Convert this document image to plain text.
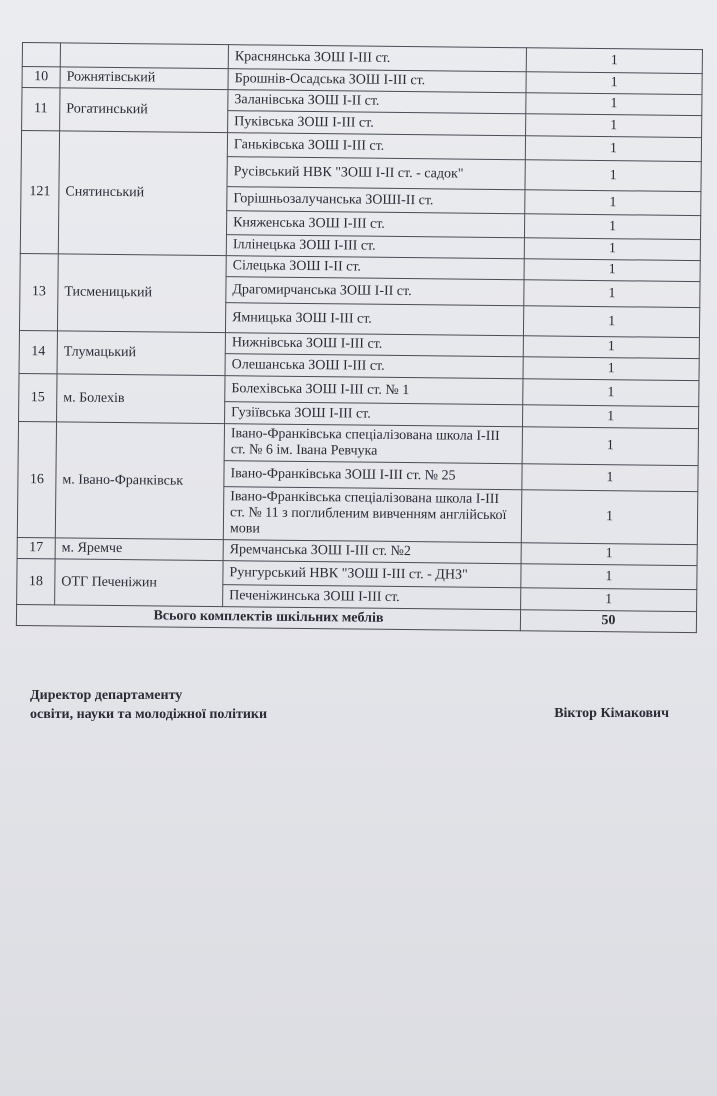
		Краснянська ЗОШ І-ІІІ ст.	1
10	Рожнятівський	Брошнів-Осадська ЗОШ І-ІІІ ст.	1
11	Рогатинський	Заланівська ЗОШ І-ІІ ст.	1
		Пуківська ЗОШ І-ІІІ ст.	1
121	Снятинський	Ганьківська ЗОШ І-ІІІ ст.	1
		Русівський НВК "ЗОШ І-ІІ ст. - садок"	1
		Горішньозалучанська ЗОШІ-ІІ ст.	1
		Княженська ЗОШ І-ІІІ ст.	1
		Іллінецька ЗОШ І-ІІІ ст.	1
13	Тисменицький	Сілецька ЗОШ І-ІІ ст.	1
		Драгомирчанська ЗОШ І-ІІ ст.	1
		Ямницька ЗОШ І-ІІІ ст.	1
14	Тлумацький	Нижнівська ЗОШ І-ІІІ ст.	1
		Олешанська ЗОШ І-ІІІ ст.	1
15	м. Болехів	Болехівська ЗОШ І-ІІІ ст. № 1	1
		Гузіївська ЗОШ І-ІІІ ст.	1
16	м. Івано-Франківськ	Івано-Франківська спеціалізована школа І-ІІІ ст. № 6 ім. Івана Ревчука	1
		Івано-Франківська ЗОШ І-ІІІ ст. № 25	1
		Івано-Франківська спеціалізована школа І-ІІІ ст. № 11 з поглибленим вивченням англійської мови	1
17	м. Яремче	Яремчанська ЗОШ І-ІІІ ст. №2	1
18	ОТГ Печеніжин	Рунгурський НВК "ЗОШ І-ІІІ ст. - ДНЗ"	1
		Печеніжинська ЗОШ І-ІІІ ст.	1
Всього комплектів шкільних меблів			50
Директор департаменту
освіти, науки та молодіжної політики	Віктор Кімакович
